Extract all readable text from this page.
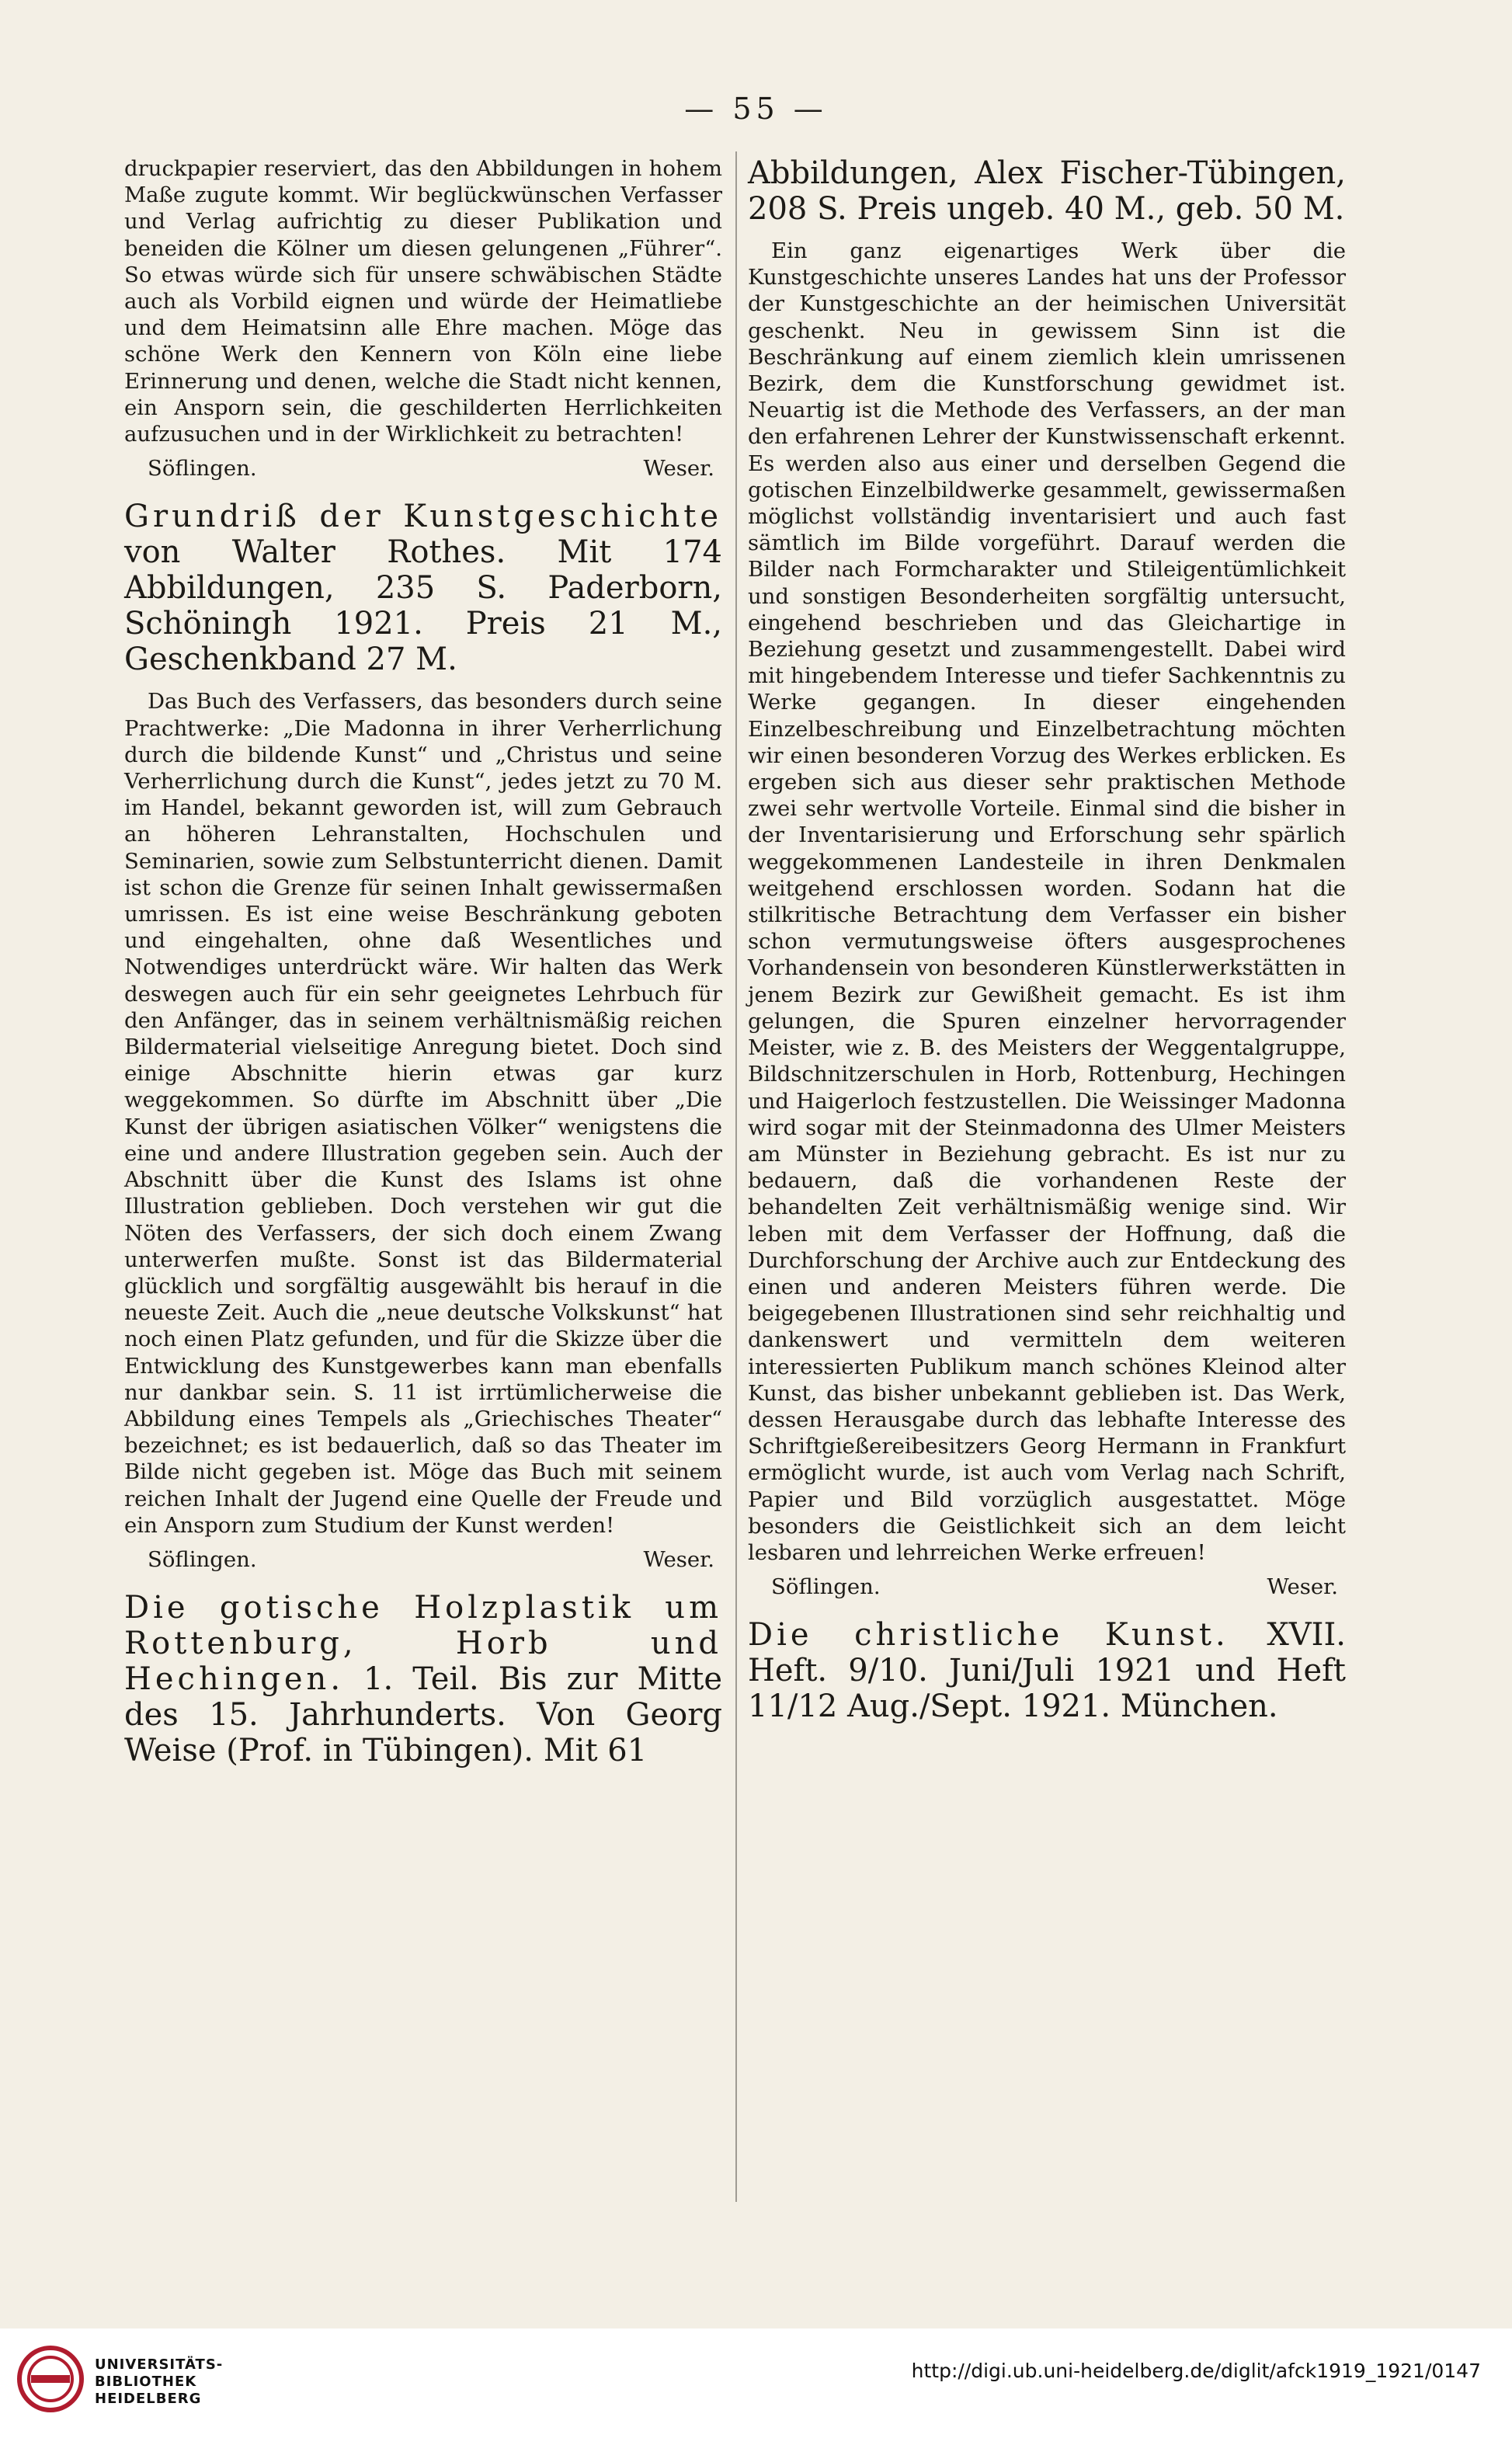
— 55 —

druckpapier reserviert, das den Abbildungen in hohem Maße zugute kommt. Wir beglückwünschen Verfasser und Verlag aufrichtig zu dieser Publikation und beneiden die Kölner um diesen gelungenen „Führer“. So etwas würde sich für unsere schwäbischen Städte auch als Vorbild eignen und würde der Heimatliebe und dem Heimatsinn alle Ehre machen. Möge das schöne Werk den Kennern von Köln eine liebe Erinnerung und denen, welche die Stadt nicht kennen, ein Ansporn sein, die geschilderten Herrlichkeiten aufzusuchen und in der Wirklichkeit zu betrachten!

Söflingen.	Weser.
Grundriß der Kunstgeschichte von Walter Rothes. Mit 174 Abbildungen, 235 S. Paderborn, Schöningh 1921. Preis 21 M., Geschenkband 27 M.

Das Buch des Verfassers, das besonders durch seine Prachtwerke: „Die Madonna in ihrer Verherrlichung durch die bildende Kunst“ und „Christus und seine Verherrlichung durch die Kunst“, jedes jetzt zu 70 M. im Handel, bekannt geworden ist, will zum Gebrauch an höheren Lehranstalten, Hochschulen und Seminarien, sowie zum Selbstunterricht dienen. Damit ist schon die Grenze für seinen Inhalt gewissermaßen umrissen. Es ist eine weise Beschränkung geboten und eingehalten, ohne daß Wesentliches und Notwendiges unterdrückt wäre. Wir halten das Werk deswegen auch für ein sehr geeignetes Lehrbuch für den Anfänger, das in seinem verhältnismäßig reichen Bildermaterial vielseitige Anregung bietet. Doch sind einige Abschnitte hierin etwas gar kurz weggekommen. So dürfte im Abschnitt über „Die Kunst der übrigen asiatischen Völker“ wenigstens die eine und andere Illustration gegeben sein. Auch der Abschnitt über die Kunst des Islams ist ohne Illustration geblieben. Doch verstehen wir gut die Nöten des Verfassers, der sich doch einem Zwang unterwerfen mußte. Sonst ist das Bildermaterial glücklich und sorgfältig ausgewählt bis herauf in die neueste Zeit. Auch die „neue deutsche Volkskunst“ hat noch einen Platz gefunden, und für die Skizze über die Entwicklung des Kunstgewerbes kann man ebenfalls nur dankbar sein. S. 11 ist irrtümlicherweise die Abbildung eines Tempels als „Griechisches Theater“ bezeichnet; es ist bedauerlich, daß so das Theater im Bilde nicht gegeben ist. Möge das Buch mit seinem reichen Inhalt der Jugend eine Quelle der Freude und ein Ansporn zum Studium der Kunst werden!

Söflingen.	Weser.
Die gotische Holzplastik um Rottenburg, Horb und Hechingen. 1. Teil. Bis zur Mitte des 15. Jahrhunderts. Von Georg Weise (Prof. in Tübingen). Mit 61
Abbildungen, Alex Fischer-Tübingen, 208 S. Preis ungeb. 40 M., geb. 50 M.

Ein ganz eigenartiges Werk über die Kunstgeschichte unseres Landes hat uns der Professor der Kunstgeschichte an der heimischen Universität geschenkt. Neu in gewissem Sinn ist die Beschränkung auf einem ziemlich klein umrissenen Bezirk, dem die Kunstforschung gewidmet ist. Neuartig ist die Methode des Verfassers, an der man den erfahrenen Lehrer der Kunstwissenschaft erkennt. Es werden also aus einer und derselben Gegend die gotischen Einzelbildwerke gesammelt, gewissermaßen möglichst vollständig inventarisiert und auch fast sämtlich im Bilde vorgeführt. Darauf werden die Bilder nach Formcharakter und Stileigentümlichkeit und sonstigen Besonderheiten sorgfältig untersucht, eingehend beschrieben und das Gleichartige in Beziehung gesetzt und zusammengestellt. Dabei wird mit hingebendem Interesse und tiefer Sachkenntnis zu Werke gegangen. In dieser eingehenden Einzelbeschreibung und Einzelbetrachtung möchten wir einen besonderen Vorzug des Werkes erblicken. Es ergeben sich aus dieser sehr praktischen Methode zwei sehr wertvolle Vorteile. Einmal sind die bisher in der Inventarisierung und Erforschung sehr spärlich weggekommenen Landesteile in ihren Denkmalen weitgehend erschlossen worden. Sodann hat die stilkritische Betrachtung dem Verfasser ein bisher schon vermutungsweise öfters ausgesprochenes Vorhandensein von besonderen Künstlerwerkstätten in jenem Bezirk zur Gewißheit gemacht. Es ist ihm gelungen, die Spuren einzelner hervorragender Meister, wie z. B. des Meisters der Weggentalgruppe, Bildschnitzerschulen in Horb, Rottenburg, Hechingen und Haigerloch festzustellen. Die Weissinger Madonna wird sogar mit der Steinmadonna des Ulmer Meisters am Münster in Beziehung gebracht. Es ist nur zu bedauern, daß die vorhandenen Reste der behandelten Zeit verhältnismäßig wenige sind. Wir leben mit dem Verfasser der Hoffnung, daß die Durchforschung der Archive auch zur Entdeckung des einen und anderen Meisters führen werde. Die beigegebenen Illustrationen sind sehr reichhaltig und dankenswert und vermitteln dem weiteren interessierten Publikum manch schönes Kleinod alter Kunst, das bisher unbekannt geblieben ist. Das Werk, dessen Herausgabe durch das lebhafte Interesse des Schriftgießereibesitzers Georg Hermann in Frankfurt ermöglicht wurde, ist auch vom Verlag nach Schrift, Papier und Bild vorzüglich ausgestattet. Möge besonders die Geistlichkeit sich an dem leicht lesbaren und lehrreichen Werke erfreuen!

Söflingen.	Weser.
Die christliche Kunst. XVII. Heft. 9/10. Juni/Juli 1921 und Heft 11/12 Aug./Sept. 1921. München.
UNIVERSITÄTS-
BIBLIOTHEK
HEIDELBERG
http://digi.ub.uni-heidelberg.de/diglit/afck1919_1921/0147
